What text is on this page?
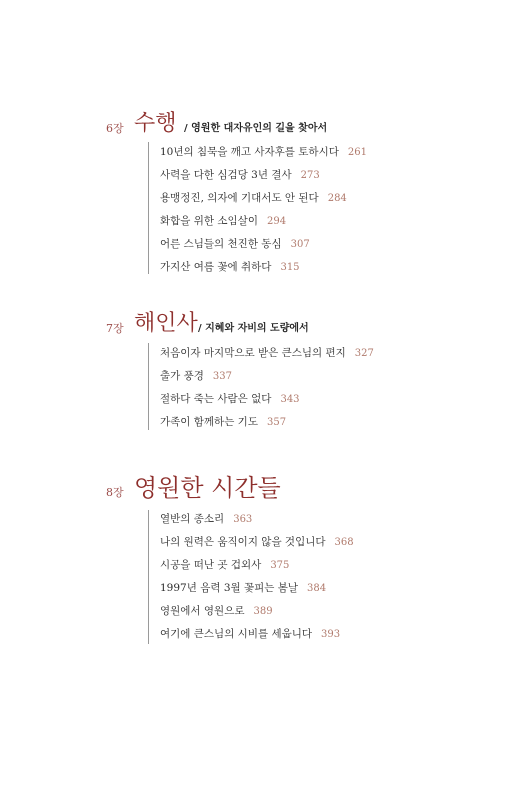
6장 수행 / 영원한 대자유인의 길을 찾아서
10년의 침묵을 깨고 사자후를 토하시다 261
사력을 다한 심검당 3년 결사 273
용맹정진, 의자에 기대서도 안 된다 284
화합을 위한 소임살이 294
어른 스님들의 천진한 동심 307
가지산 여름 꽃에 취하다 315
7장 해인사 / 지혜와 자비의 도량에서
처음이자 마지막으로 받은 큰스님의 편지 327
출가 풍경 337
절하다 죽는 사람은 없다 343
가족이 함께하는 기도 357
8장 영원한 시간들
열반의 종소리 363
나의 원력은 움직이지 않을 것입니다 368
시공을 떠난 곳 겁외사 375
1997년 음력 3월 꽃피는 봄날 384
영원에서 영원으로 389
여기에 큰스님의 시비를 세웁니다 393
